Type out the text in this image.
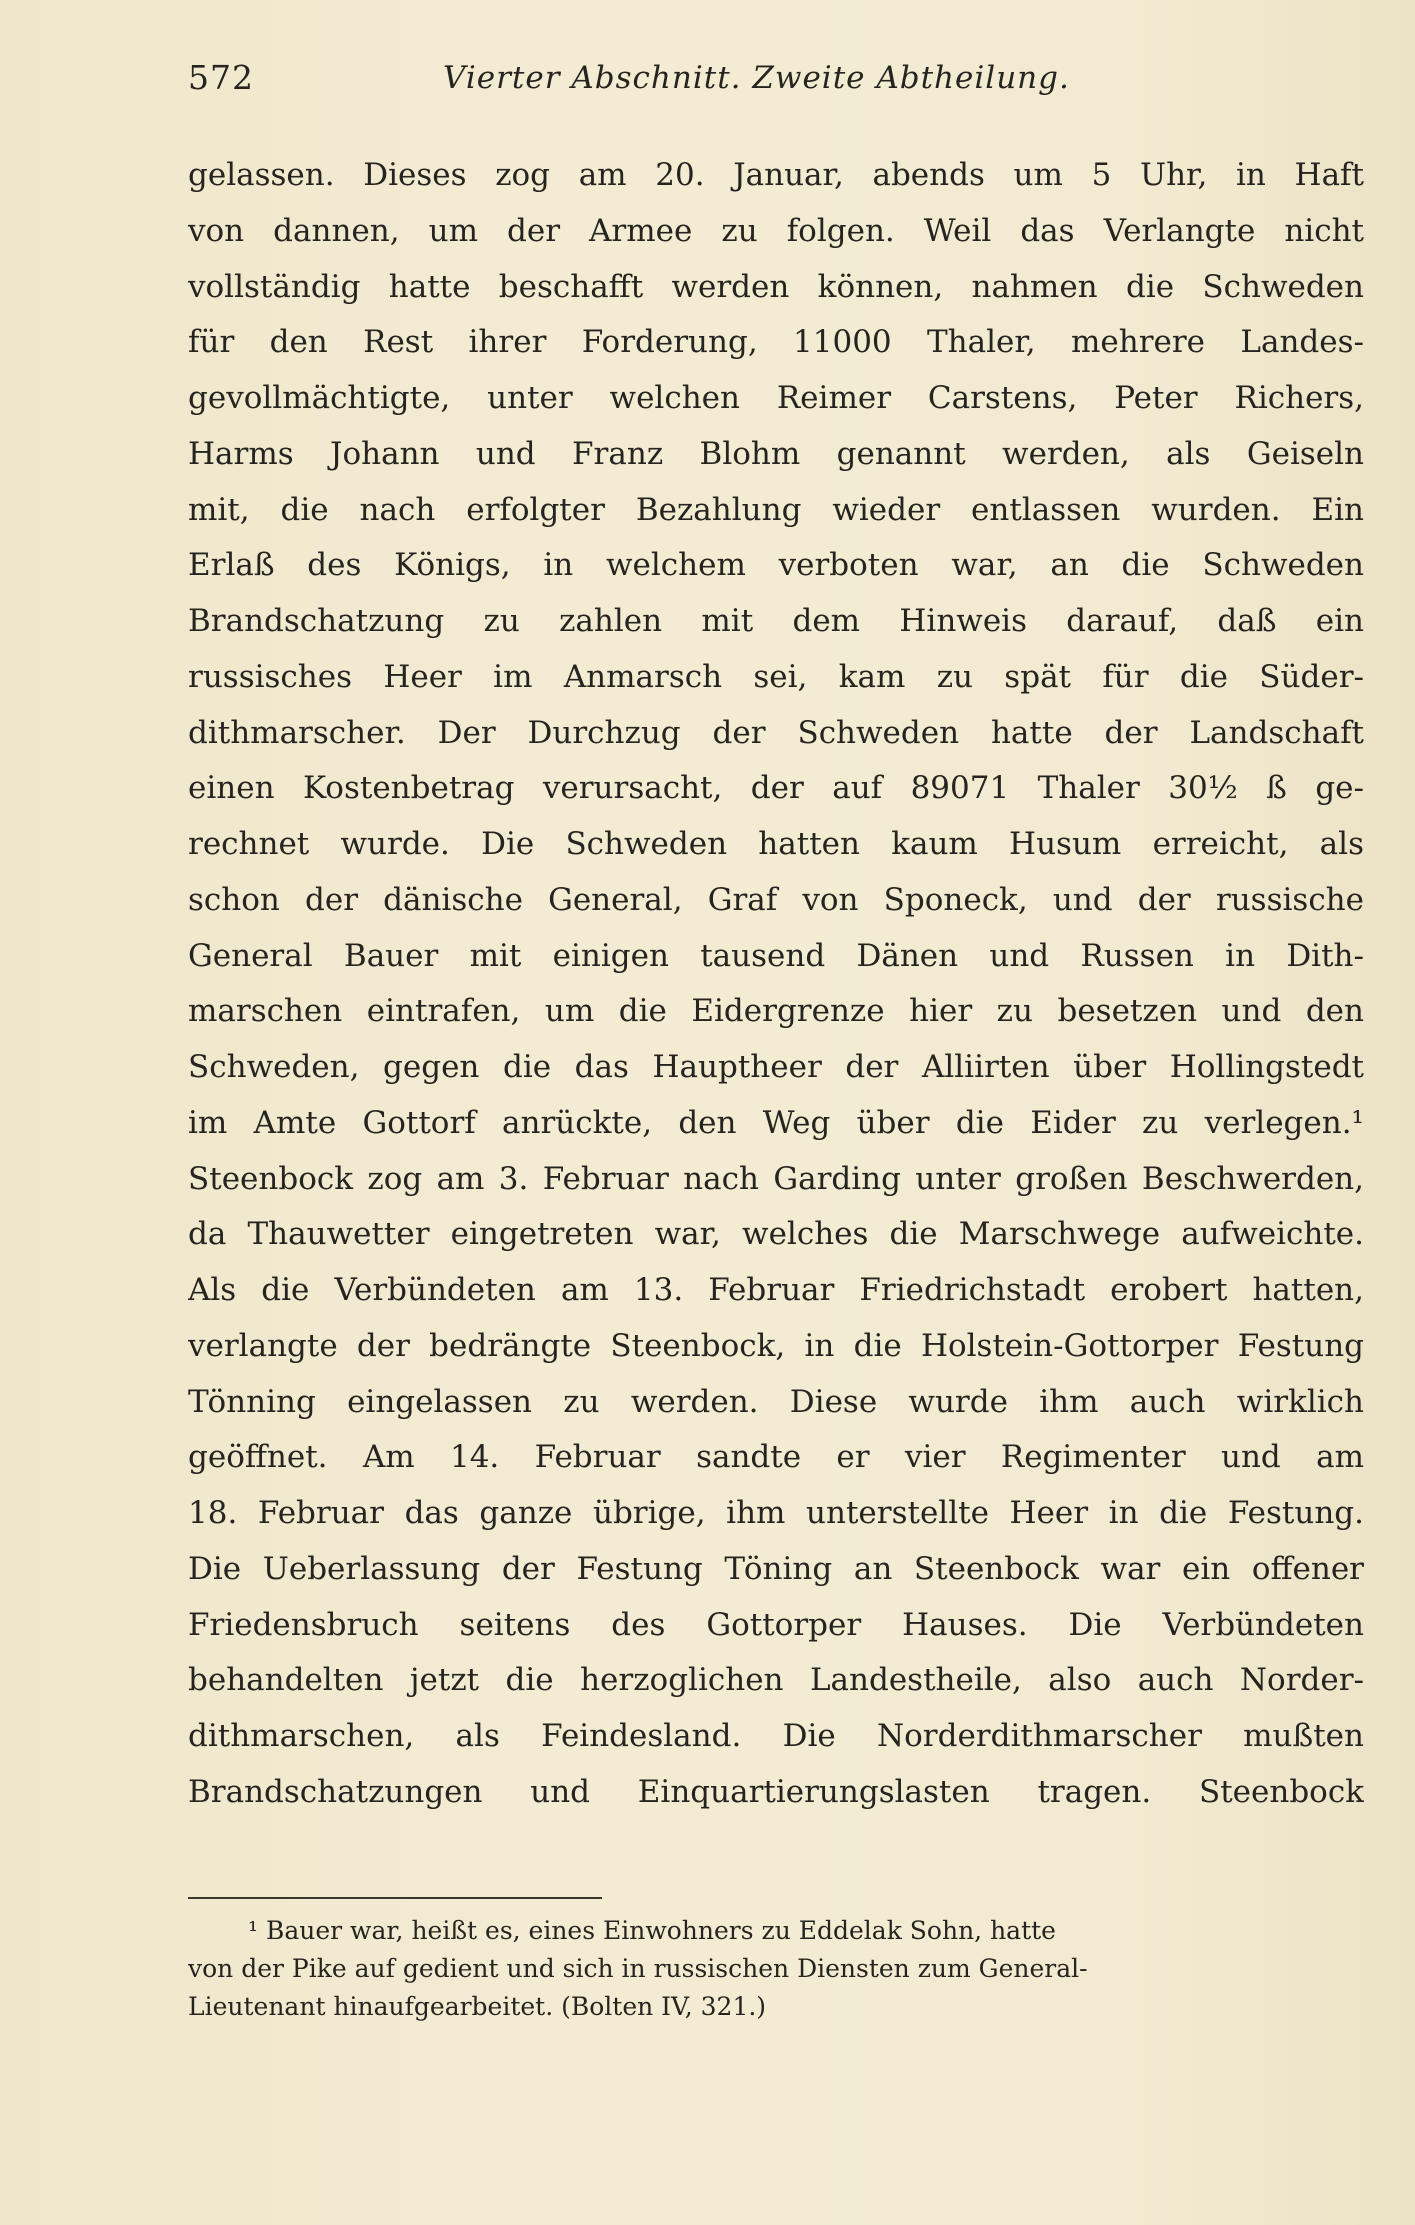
572	Vierter Abschnitt. Zweite Abtheilung.
gelassen. Dieses zog am 20. Januar, abends um 5 Uhr, in Haft
von dannen, um der Armee zu folgen. Weil das Verlangte nicht
vollständig hatte beschafft werden können, nahmen die Schweden
für den Rest ihrer Forderung, 11000 Thaler, mehrere Landes-
gevollmächtigte, unter welchen Reimer Carstens, Peter Richers,
Harms Johann und Franz Blohm genannt werden, als Geiseln
mit, die nach erfolgter Bezahlung wieder entlassen wurden. Ein
Erlaß des Königs, in welchem verboten war, an die Schweden
Brandschatzung zu zahlen mit dem Hinweis darauf, daß ein
russisches Heer im Anmarsch sei, kam zu spät für die Süder-
dithmarscher. Der Durchzug der Schweden hatte der Landschaft
einen Kostenbetrag verursacht, der auf 89071 Thaler 30½ ß ge-
rechnet wurde. Die Schweden hatten kaum Husum erreicht, als
schon der dänische General, Graf von Sponeck, und der russische
General Bauer mit einigen tausend Dänen und Russen in Dith-
marschen eintrafen, um die Eidergrenze hier zu besetzen und den
Schweden, gegen die das Hauptheer der Alliirten über Hollingstedt
im Amte Gottorf anrückte, den Weg über die Eider zu verlegen.¹
Steenbock zog am 3. Februar nach Garding unter großen Beschwerden,
da Thauwetter eingetreten war, welches die Marschwege aufweichte.
Als die Verbündeten am 13. Februar Friedrichstadt erobert hatten,
verlangte der bedrängte Steenbock, in die Holstein-Gottorper Festung
Tönning eingelassen zu werden. Diese wurde ihm auch wirklich
geöffnet. Am 14. Februar sandte er vier Regimenter und am
18. Februar das ganze übrige, ihm unterstellte Heer in die Festung.
Die Ueberlassung der Festung Töning an Steenbock war ein offener
Friedensbruch seitens des Gottorper Hauses. Die Verbündeten
behandelten jetzt die herzoglichen Landestheile, also auch Norder-
dithmarschen, als Feindesland. Die Norderdithmarscher mußten
Brandschatzungen und Einquartierungslasten tragen. Steenbock
¹ Bauer war, heißt es, eines Einwohners zu Eddelak Sohn, hatte
von der Pike auf gedient und sich in russischen Diensten zum General-
Lieutenant hinaufgearbeitet. (Bolten IV, 321.)
